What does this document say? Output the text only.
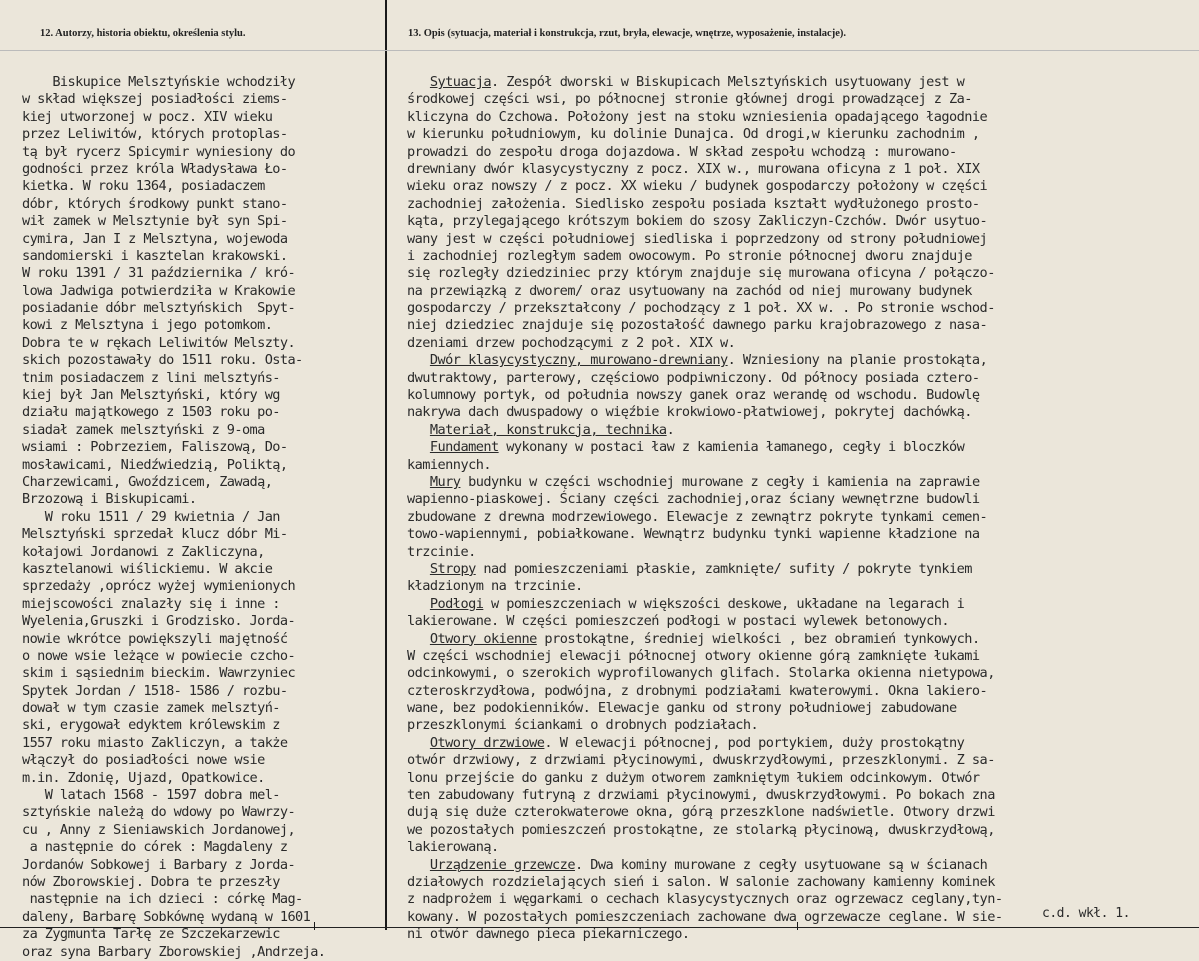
12. Autorzy, historia obiektu, określenia stylu.	13. Opis (sytuacja, materiał i konstrukcja, rzut, bryła, elewacje, wnętrze, wyposażenie, instalacje).
Biskupice Melsztyńskie wchodziły
w skład większej posiadłości ziems-
kiej utworzonej w pocz. XIV wieku
przez Leliwitów, których protoplas-
tą był rycerz Spicymir wyniesiony do
godności przez króla Władysława Ło-
kietka. W roku 1364, posiadaczem
dóbr, których środkowy punkt stano-
wił zamek w Melsztynie był syn Spi-
cymira, Jan I z Melsztyna, wojewoda
sandomierski i kasztelan krakowski.
W roku 1391 / 31 października / kró-
lowa Jadwiga potwierdziła w Krakowie
posiadanie dóbr melsztyńskich  Spyt-
kowi z Melsztyna i jego potomkom.
Dobra te w rękach Leliwitów Melszty.
skich pozostawały do 1511 roku. Osta-
tnim posiadaczem z lini melsztyńs-
kiej był Jan Melsztyński, który wg
działu majątkowego z 1503 roku po-
siadał zamek melsztyński z 9-oma
wsiami : Pobrzeziem, Faliszową, Do-
mosławicami, Niedźwiedzią, Poliktą,
Charzewicami, Gwoździcem, Zawadą,
Brzozową i Biskupicami.
W roku 1511 / 29 kwietnia / Jan
Melsztyński sprzedał klucz dóbr Mi-
kołajowi Jordanowi z Zakliczyna,
kasztelanowi wiślickiemu. W akcie
sprzedaży ,oprócz wyżej wymienionych
miejscowości znalazły się i inne :
Wyelenia,Gruszki i Grodzisko. Jorda-
nowie wkrótce powiększyli majętność
o nowe wsie leżące w powiecie czcho-
skim i sąsiednim bieckim. Wawrzyniec
Spytek Jordan / 1518- 1586 / rozbu-
dował w tym czasie zamek melsztyń-
ski, erygował edyktem królewskim z
1557 roku miasto Zakliczyn, a także
włączył do posiadłości nowe wsie
m.in. Zdonię, Ujazd, Opatkowice.
W latach 1568 - 1597 dobra mel-
sztyńskie należą do wdowy po Wawrzy-
cu , Anny z Sieniawskich Jordanowej,
a następnie do córek : Magdaleny z
Jordanów Sobkowej i Barbary z Jorda-
nów Zborowskiej. Dobra te przeszły
następnie na ich dzieci : córkę Mag-
daleny, Barbarę Sobkównę wydaną w 1601
za Zygmunta Tarłę ze Szczekarzewic
oraz syna Barbary Zborowskiej ,Andrzeja.
Sytuacja. Zespół dworski w Biskupicach Melsztyńskich usytuowany jest w
środkowej części wsi, po północnej stronie głównej drogi prowadzącej z Za-
kliczyna do Czchowa. Położony jest na stoku wzniesienia opadającego łagodnie
w kierunku południowym, ku dolinie Dunajca. Od drogi,w kierunku zachodnim ,
prowadzi do zespołu droga dojazdowa. W skład zespołu wchodzą : murowano-
drewniany dwór klasycystyczny z pocz. XIX w., murowana oficyna z 1 poł. XIX
wieku oraz nowszy / z pocz. XX wieku / budynek gospodarczy położony w części
zachodniej założenia. Siedlisko zespołu posiada kształt wydłużonego prosto-
kąta, przylegającego krótszym bokiem do szosy Zakliczyn-Czchów. Dwór usytuo-
wany jest w części południowej siedliska i poprzedzony od strony południowej
i zachodniej rozległym sadem owocowym. Po stronie północnej dworu znajduje
się rozległy dziedziniec przy którym znajduje się murowana oficyna / połączo-
na przewiązką z dworem/ oraz usytuowany na zachód od niej murowany budynek
gospodarczy / przekształcony / pochodzący z 1 poł. XX w. . Po stronie wschod-
niej dziedziec znajduje się pozostałość dawnego parku krajobrazowego z nasa-
dzeniami drzew pochodzącymi z 2 poł. XIX w.
Dwór klasycystyczny, murowano-drewniany. Wzniesiony na planie prostokąta,
dwutraktowy, parterowy, częściowo podpiwniczony. Od północy posiada cztero-
kolumnowy portyk, od południa nowszy ganek oraz werandę od wschodu. Budowlę
nakrywa dach dwuspadowy o więźbie krokwiowo-płatwiowej, pokrytej dachówką.
Materiał, konstrukcja, technika.
Fundament wykonany w postaci ław z kamienia łamanego, cegły i bloczków
kamiennych.
Mury budynku w części wschodniej murowane z cegły i kamienia na zaprawie
wapienno-piaskowej. Ściany części zachodniej,oraz ściany wewnętrzne budowli
zbudowane z drewna modrzewiowego. Elewacje z zewnątrz pokryte tynkami cemen-
towo-wapiennymi, pobiałkowane. Wewnątrz budynku tynki wapienne kładzione na
trzcinie.
Stropy nad pomieszczeniami płaskie, zamknięte/ sufity / pokryte tynkiem
kładzionym na trzcinie.
Podłogi w pomieszczeniach w większości deskowe, układane na legarach i
lakierowane. W części pomieszczeń podłogi w postaci wylewek betonowych.
Otwory okienne prostokątne, średniej wielkości , bez obramień tynkowych.
W części wschodniej elewacji północnej otwory okienne górą zamknięte łukami
odcinkowymi, o szerokich wyprofilowanych glifach. Stolarka okienna nietypowa,
czteroskrzydłowa, podwójna, z drobnymi podziałami kwaterowymi. Okna lakiero-
wane, bez podokienników. Elewacje ganku od strony południowej zabudowane
przeszklonymi ściankami o drobnych podziałach.
Otwory drzwiowe. W elewacji północnej, pod portykiem, duży prostokątny
otwór drzwiowy, z drzwiami płycinowymi, dwuskrzydłowymi, przeszklonymi. Z sa-
lonu przejście do ganku z dużym otworem zamkniętym łukiem odcinkowym. Otwór
ten zabudowany futryną z drzwiami płycinowymi, dwuskrzydłowymi. Po bokach zna
dują się duże czterokwaterowe okna, górą przeszklone nadświetle. Otwory drzwi
we pozostałych pomieszczeń prostokątne, ze stolarką płycinową, dwuskrzydłową,
lakierowaną.
Urządzenie grzewcze. Dwa kominy murowane z cegły usytuowane są w ścianach
działowych rozdzielających sień i salon. W salonie zachowany kamienny kominek
z nadprożem i węgarkami o cechach klasycystycznych oraz ogrzewacz ceglany,tyn-
kowany. W pozostałych pomieszczeniach zachowane dwa ogrzewacze ceglane. W sie-
ni otwór dawnego pieca piekarniczego.
c.d. wkł. 1.
